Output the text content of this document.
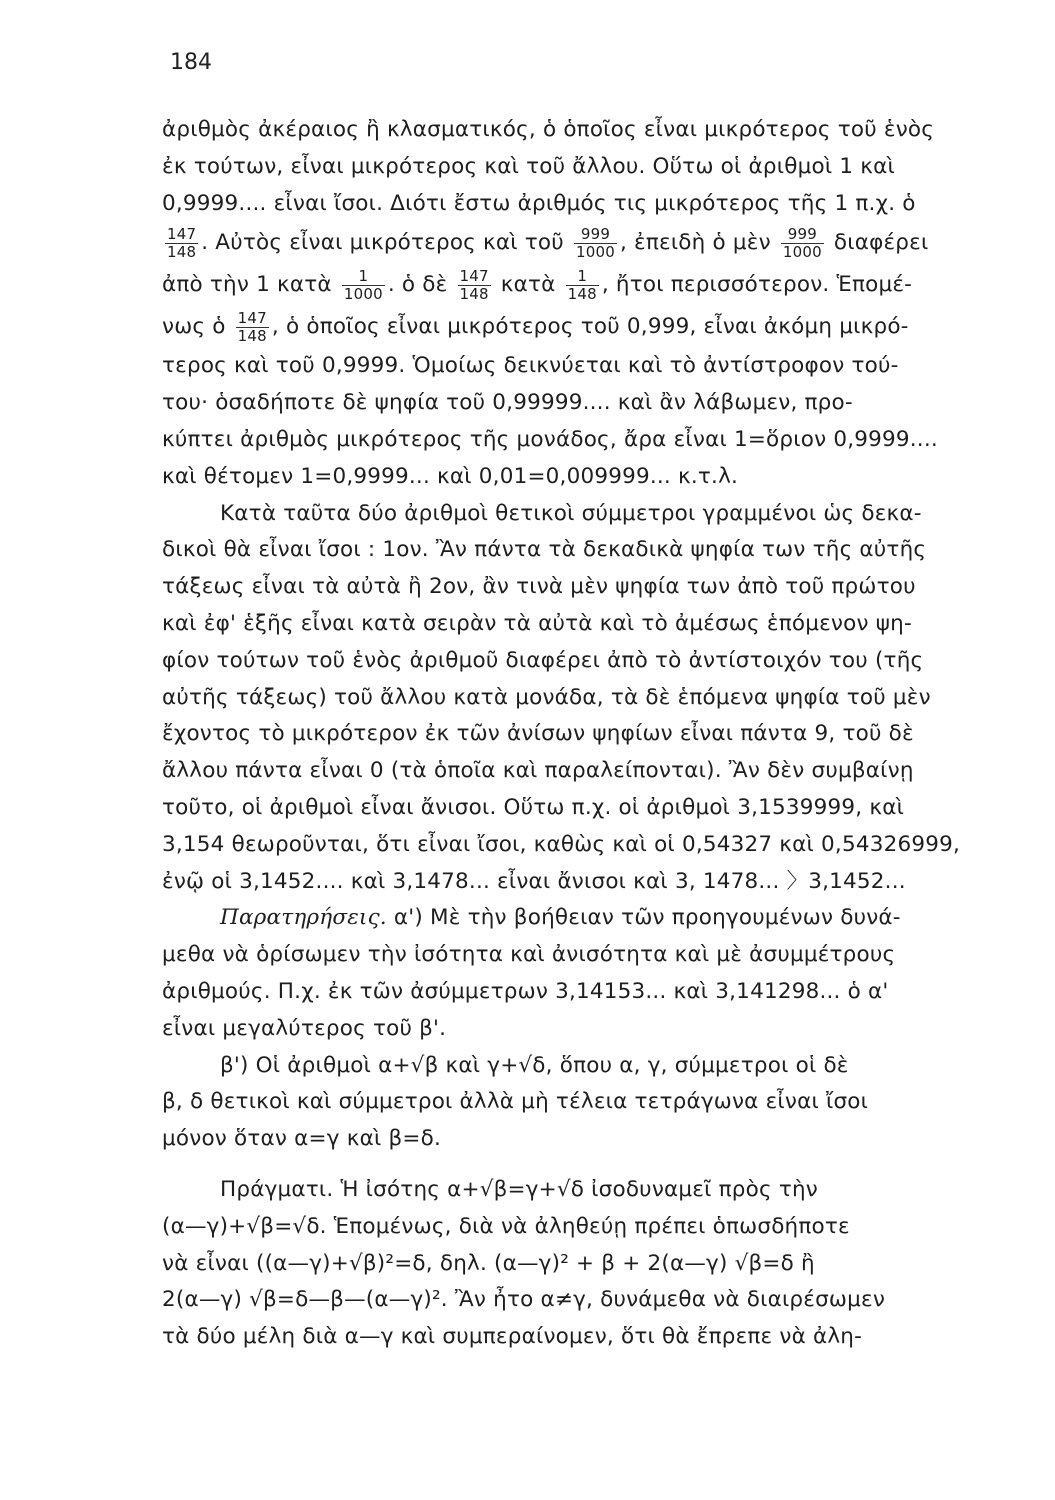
184
ἀριθμὸς ἀκέραιος ἢ κλασματικός, ὁ ὁποῖος εἶναι μικρότερος τοῦ ἑνὸς
ἐκ τούτων, εἶναι μικρότερος καὶ τοῦ ἄλλου. Οὕτω οἱ ἀριθμοὶ 1 καὶ
0,9999.... εἶναι ἴσοι. Διότι ἔστω ἀριθμός τις μικρότερος τῆς 1 π.χ. ὁ
$\frac{147}{148}$ . Αὐτὸς εἶναι μικρότερος καὶ τοῦ $\frac{999}{1000}$ , ἐπειδὴ ὁ μὲν $\frac{999}{1000}$ διαφέρει
ἀπὸ τὴν 1 κατὰ $\frac{1}{1000}$ . ὁ δὲ $\frac{147}{148}$ κατὰ $\frac{1}{148}$ , ἤτοι περισσότερον. Ἑπομέ-
νως ὁ $\frac{147}{148}$ , ὁ ὁποῖος εἶναι μικρότερος τοῦ 0,999, εἶναι ἀκόμη μικρό-
τερος καὶ τοῦ 0,9999. Ὁμοίως δεικνύεται καὶ τὸ ἀντίστροφον τού-
του· ὁσαδήποτε δὲ ψηφία τοῦ 0,99999.... καὶ ἂν λάβωμεν, προ-
κύπτει ἀριθμὸς μικρότερος τῆς μονάδος, ἄρα εἶναι 1=ὅριον 0,9999....
καὶ θέτομεν 1=0,9999... καὶ 0,01=0,009999... κ.τ.λ.
Κατὰ ταῦτα δύο ἀριθμοὶ θετικοὶ σύμμετροι γραμμένοι ὡς δεκα-
δικοὶ θὰ εἶναι ἴσοι : 1ον. Ἂν πάντα τὰ δεκαδικὰ ψηφία των τῆς αὐτῆς
τάξεως εἶναι τὰ αὐτὰ ἢ 2ον, ἂν τινὰ μὲν ψηφία των ἀπὸ τοῦ πρώτου
καὶ ἐφ' ἑξῆς εἶναι κατὰ σειρὰν τὰ αὐτὰ καὶ τὸ ἀμέσως ἑπόμενον ψη-
φίον τούτων τοῦ ἑνὸς ἀριθμοῦ διαφέρει ἀπὸ τὸ ἀντίστοιχόν του (τῆς
αὐτῆς τάξεως) τοῦ ἄλλου κατὰ μονάδα, τὰ δὲ ἑπόμενα ψηφία τοῦ μὲν
ἔχοντος τὸ μικρότερον ἐκ τῶν ἀνίσων ψηφίων εἶναι πάντα 9, τοῦ δὲ
ἄλλου πάντα εἶναι 0 (τὰ ὁποῖα καὶ παραλείπονται). Ἂν δὲν συμβαίνῃ
τοῦτο, οἱ ἀριθμοὶ εἶναι ἄνισοι. Οὕτω π.χ. οἱ ἀριθμοὶ 3,1539999, καὶ
3,154 θεωροῦνται, ὅτι εἶναι ἴσοι, καθὼς καὶ οἱ 0,54327 καὶ 0,54326999,
ἐνῷ οἱ 3,1452.... καὶ 3,1478... εἶναι ἄνισοι καὶ 3, 1478... 〉3,1452...
Παρατηρήσεις. α') Μὲ τὴν βοήθειαν τῶν προηγουμένων δυνά-
μεθα νὰ ὁρίσωμεν τὴν ἰσότητα καὶ ἀνισότητα καὶ μὲ ἀσυμμέτρους
ἀριθμούς. Π.χ. ἐκ τῶν ἀσύμμετρων 3,14153... καὶ 3,141298... ὁ α'
εἶναι μεγαλύτερος τοῦ β'.
β') Οἱ ἀριθμοὶ α+√β καὶ γ+√δ, ὅπου α, γ, σύμμετροι οἱ δὲ
β, δ θετικοὶ καὶ σύμμετροι ἀλλὰ μὴ τέλεια τετράγωνα εἶναι ἴσοι
μόνον ὅταν α=γ καὶ β=δ.
Πράγματι. Ἡ ἰσότης α+√β=γ+√δ ἰσοδυναμεῖ πρὸς τὴν
(α—γ)+√β=√δ. Ἑπομένως, διὰ νὰ ἀληθεύῃ πρέπει ὁπωσδήποτε
νὰ εἶναι ((α—γ)+√β)²=δ, δηλ. (α—γ)² + β + 2(α—γ) √β=δ ἢ
2(α—γ) √β=δ—β—(α—γ)². Ἂν ἦτο α≠γ, δυνάμεθα νὰ διαιρέσωμεν
τὰ δύο μέλη διὰ α—γ καὶ συμπεραίνομεν, ὅτι θὰ ἔπρεπε νὰ ἀλη-
